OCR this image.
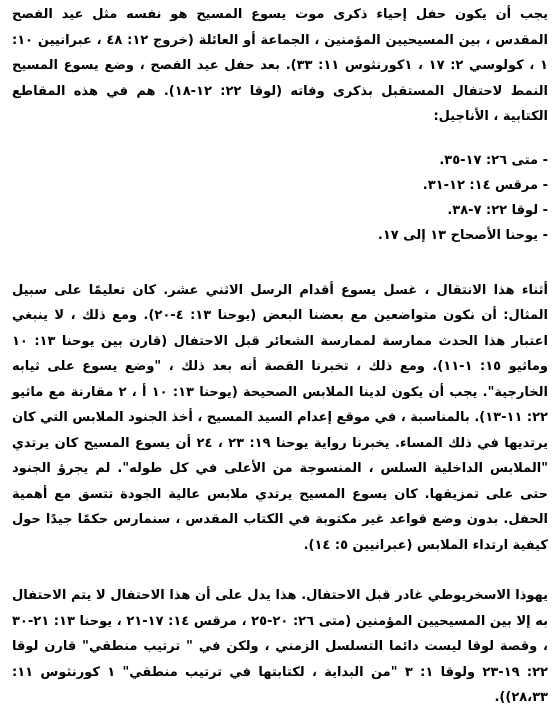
يجب أن يكون حفل إحياء ذكرى موت يسوع المسيح هو نفسه مثل عيد الفصح المقدس ، بين المسيحيين المؤمنين ، الجماعة أو العائلة (خروج ١٢: ٤٨ ، عبرانيين ١٠: ١ ، كولوسي ٢: ١٧ ، ١كورنثوس ١١: ٣٣). بعد حفل عيد الفصح ، وضع يسوع المسيح النمط لاحتفال المستقبل بذكرى وفاته (لوقا ٢٢: ١٢-١٨). هم في هذه المقاطع الكتابية ، الأناجيل:

- متى ٢٦: ١٧-٣٥.
- مرقس ١٤: ١٢-٣١.
- لوقا ٢٢: ٧-٣٨.
- يوحنا الأصحاح ١٣ إلى ١٧.

أثناء هذا الانتقال ، غسل يسوع أقدام الرسل الاثني عشر. كان تعليمًا على سبيل المثال: أن نكون متواضعين مع بعضنا البعض (يوحنا ١٣: ٤-٢٠). ومع ذلك ، لا ينبغي اعتبار هذا الحدث ممارسة لممارسة الشعائر قبل الاحتفال (قارن بين يوحنا ١٣: ١٠ وماثيو ١٥: ١-١١). ومع ذلك ، تخبرنا القصة أنه بعد ذلك ، "وضع يسوع على ثيابه الخارجية". يجب أن يكون لدينا الملابس الصحيحة (يوحنا ١٣: ١٠ أ ، ٢ مقارنة مع ماثيو ٢٢: ١١-١٣). بالمناسبة ، في موقع إعدام السيد المسيح ، أخذ الجنود الملابس التي كان يرتديها في ذلك المساء. يخبرنا رواية يوحنا ١٩: ٢٣ ، ٢٤ أن يسوع المسيح كان يرتدي "الملابس الداخلية السلس ، المنسوجة من الأعلى في كل طوله". لم يجرؤ الجنود حتى على تمزيقها. كان يسوع المسيح يرتدي ملابس عالية الجودة تتسق مع أهمية الحفل. بدون وضع قواعد غير مكتوبة في الكتاب المقدس ، سنمارس حكمًا جيدًا حول كيفية ارتداء الملابس (عبرانيين ٥: ١٤).

يهوذا الاسخريوطي غادر قبل الاحتفال. هذا يدل على أن هذا الاحتفال لا يتم الاحتفال به إلا بين المسيحيين المؤمنين (متى ٢٦: ٢٠-٢٥ ، مرقس ١٤: ١٧-٢١ ، يوحنا ١٣: ٢١-٣٠ ، وقصة لوقا ليست دائما التسلسل الزمني ، ولكن في " ترتيب منطقي" قارن لوقا ٢٢: ١٩-٢٣ ولوقا ١: ٣ "من البداية ، لكتابتها في ترتيب منطقي" ١ كورنثوس ١١: ٢٨،٣٣)).
